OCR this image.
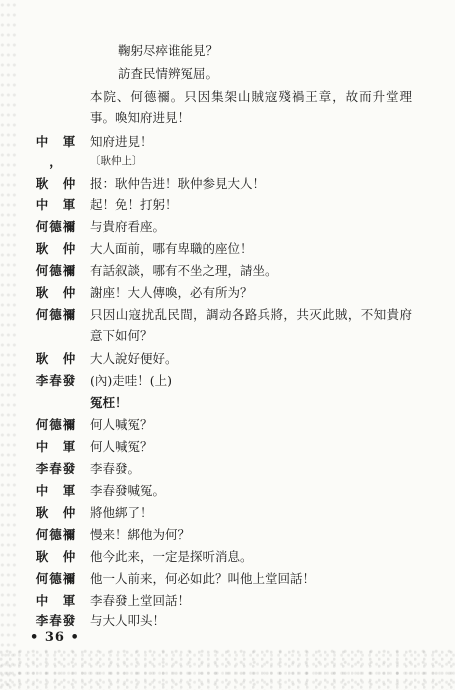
鞠躬尽瘁谁能見？
訪査民情辨冤屈。
本院、何德禰。只因集架山賊寇殘禍王章，故而升堂理事。喚知府进見！
中　軍	知府进見！
，	〔耿仲上〕
耿　仲	报：耿仲告进！耿仲参見大人！
中　軍	起！免！打躬！
何德禰	与貴府看座。
耿　仲	大人面前，哪有卑職的座位！
何德禰	有話叙談，哪有不坐之理，請坐。
耿　仲	謝座！大人傳喚，必有所为？
何德禰	只因山寇扰乱民間，調动各路兵將，共灭此賊，不知貴府意下如何？
耿　仲	大人說好便好。
李春發	(內)走哇！(上)
冤枉！
何德禰	何人喊冤？
中　軍	何人喊冤？
李春發	李春發。
中　軍	李春發喊冤。
耿　仲	將他綁了！
何德禰	慢来！綁他为何？
耿　仲	他今此来，一定是探听消息。
何德禰	他一人前来，何必如此？叫他上堂回話！
中　軍	李春發上堂回話！
李春發	与大人叩头！
• 36 •
